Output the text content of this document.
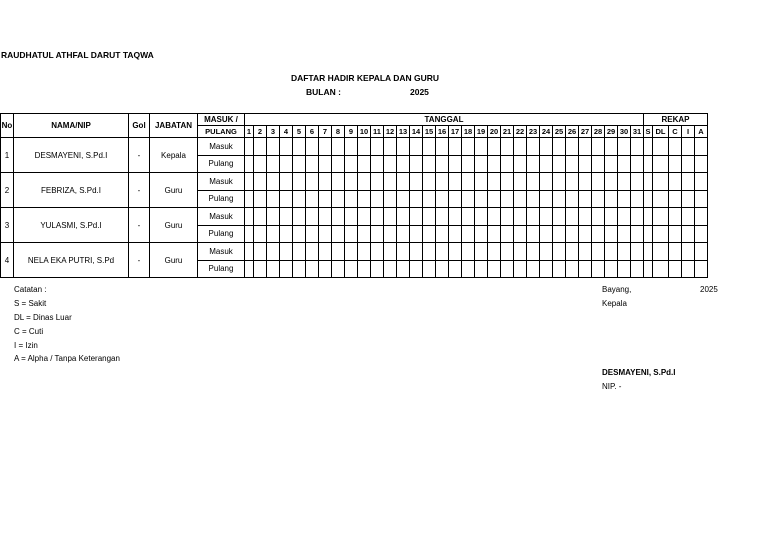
RAUDHATUL ATHFAL DARUT TAQWA
DAFTAR HADIR KEPALA DAN GURU
BULAN :	2025
No	NAMA/NIP	Gol	JABATAN	MASUK /	TANGGAL																															REKAP				
				PULANG	1	2	3	4	5	6	7	8	9	10	11	12	13	14	15	16	17	18	19	20	21	22	23	24	25	26	27	28	29	30	31	S	DL	C	I	A
1	DESMAYENI, S.Pd.I	-	Kepala	Masuk																																				
				Pulang																																				
2	FEBRIZA, S.Pd.I	-	Guru	Masuk																																				
				Pulang																																				
3	YULASMI, S.Pd.I	-	Guru	Masuk																																				
				Pulang																																				
4	NELA EKA PUTRI, S.Pd	-	Guru	Masuk																																				
				Pulang																																				
Catatan :
S = Sakit
DL = Dinas Luar
C = Cuti
I = Izin
A = Alpha / Tanpa Keterangan
Bayang,	2025
Kepala
DESMAYENI, S.Pd.I
NIP. -
